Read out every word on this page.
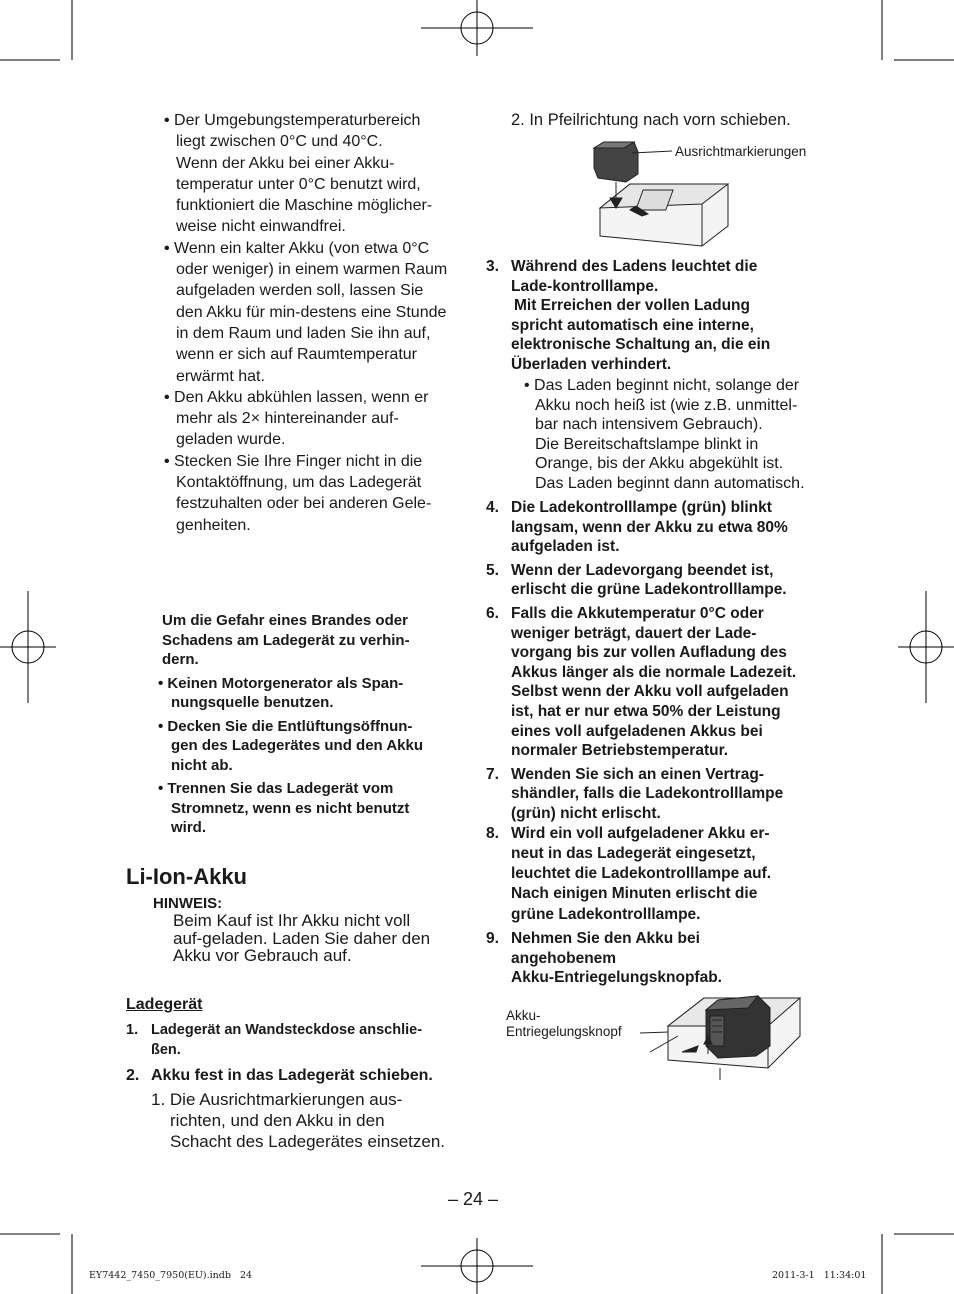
• • Der Umgebungstemperaturbereich
liegt zwischen 0°C und 40°C.
Wenn der Akku bei einer Akku-
temperatur unter 0°C benutzt wird,
funktioniert die Maschine möglicher-
weise nicht einwandfrei.
• • Wenn ein kalter Akku (von etwa 0°C
oder weniger) in einem warmen Raum
aufgeladen werden soll, lassen Sie
den Akku für min-destens eine Stunde
in dem Raum und laden Sie ihn auf,
wenn er sich auf Raumtemperatur
erwärmt hat.
• • Den Akku abkühlen lassen, wenn er
mehr als 2× hintereinander auf-
geladen wurde.
• • Stecken Sie Ihre Finger nicht in die
Kontaktöffnung, um das Ladegerät
festzuhalten oder bei anderen Gele-
genheiten.
Um die Gefahr eines Brandes oder
Schadens am Ladegerät zu verhin-
dern.
• Keinen Motorgenerator als Span-
nungsquelle benutzen.
• Decken Sie die Entlüftungsöffnun-
gen des Ladegerätes und den Akku
nicht ab.
• Trennen Sie das Ladegerät vom
Stromnetz, wenn es nicht benutzt
wird.
Li-Ion-Akku
HINWEIS:
Beim Kauf ist Ihr Akku nicht voll
auf-geladen. Laden Sie daher den
Akku vor Gebrauch auf.
Ladegerät
1. Ladegerät an Wandsteckdose anschlie-
ßen.
2. Akku fest in das Ladegerät schieben.
1. Die Ausrichtmarkierungen aus-
richten, und den Akku in den
Schacht des Ladegerätes einsetzen.
2. In Pfeilrichtung nach vorn schieben.
Ausrichtmarkierungen
3. Während des Ladens leuchtet die
Lade-kontrolllampe.
Mit Erreichen der vollen Ladung
spricht automatisch eine interne,
elektronische Schaltung an, die ein
Überladen verhindert.
• Das Laden beginnt nicht, solange der
Akku noch heiß ist (wie z.B. unmittel-
bar nach intensivem Gebrauch).
Die Bereitschaftslampe blinkt in
Orange, bis der Akku abgekühlt ist.
Das Laden beginnt dann automatisch.
4. Die Ladekontrolllampe (grün) blinkt
langsam, wenn der Akku zu etwa 80%
aufgeladen ist.
5. Wenn der Ladevorgang beendet ist,
erlischt die grüne Ladekontrolllampe.
6. Falls die Akkutemperatur 0°C oder
weniger beträgt, dauert der Lade-
vorgang bis zur vollen Aufladung des
Akkus länger als die normale Ladezeit.
Selbst wenn der Akku voll aufgeladen
ist, hat er nur etwa 50% der Leistung
eines voll aufgeladenen Akkus bei
normaler Betriebstemperatur.
7. Wenden Sie sich an einen Vertrag-
shändler, falls die Ladekontrolllampe
(grün) nicht erlischt.
8. Wird ein voll aufgeladener Akku er-
neut in das Ladegerät eingesetzt,
leuchtet die Ladekontrolllampe auf.
Nach einigen Minuten erlischt die
grüne Ladekontrolllampe.
9. Nehmen Sie den Akku bei
angehobenem
Akku-Entriegelungsknopfab.
Akku-
Entriegelungsknopf
– 24 –
EY7442_7450_7950(EU).indb   24	2011-3-1   11:34:01
